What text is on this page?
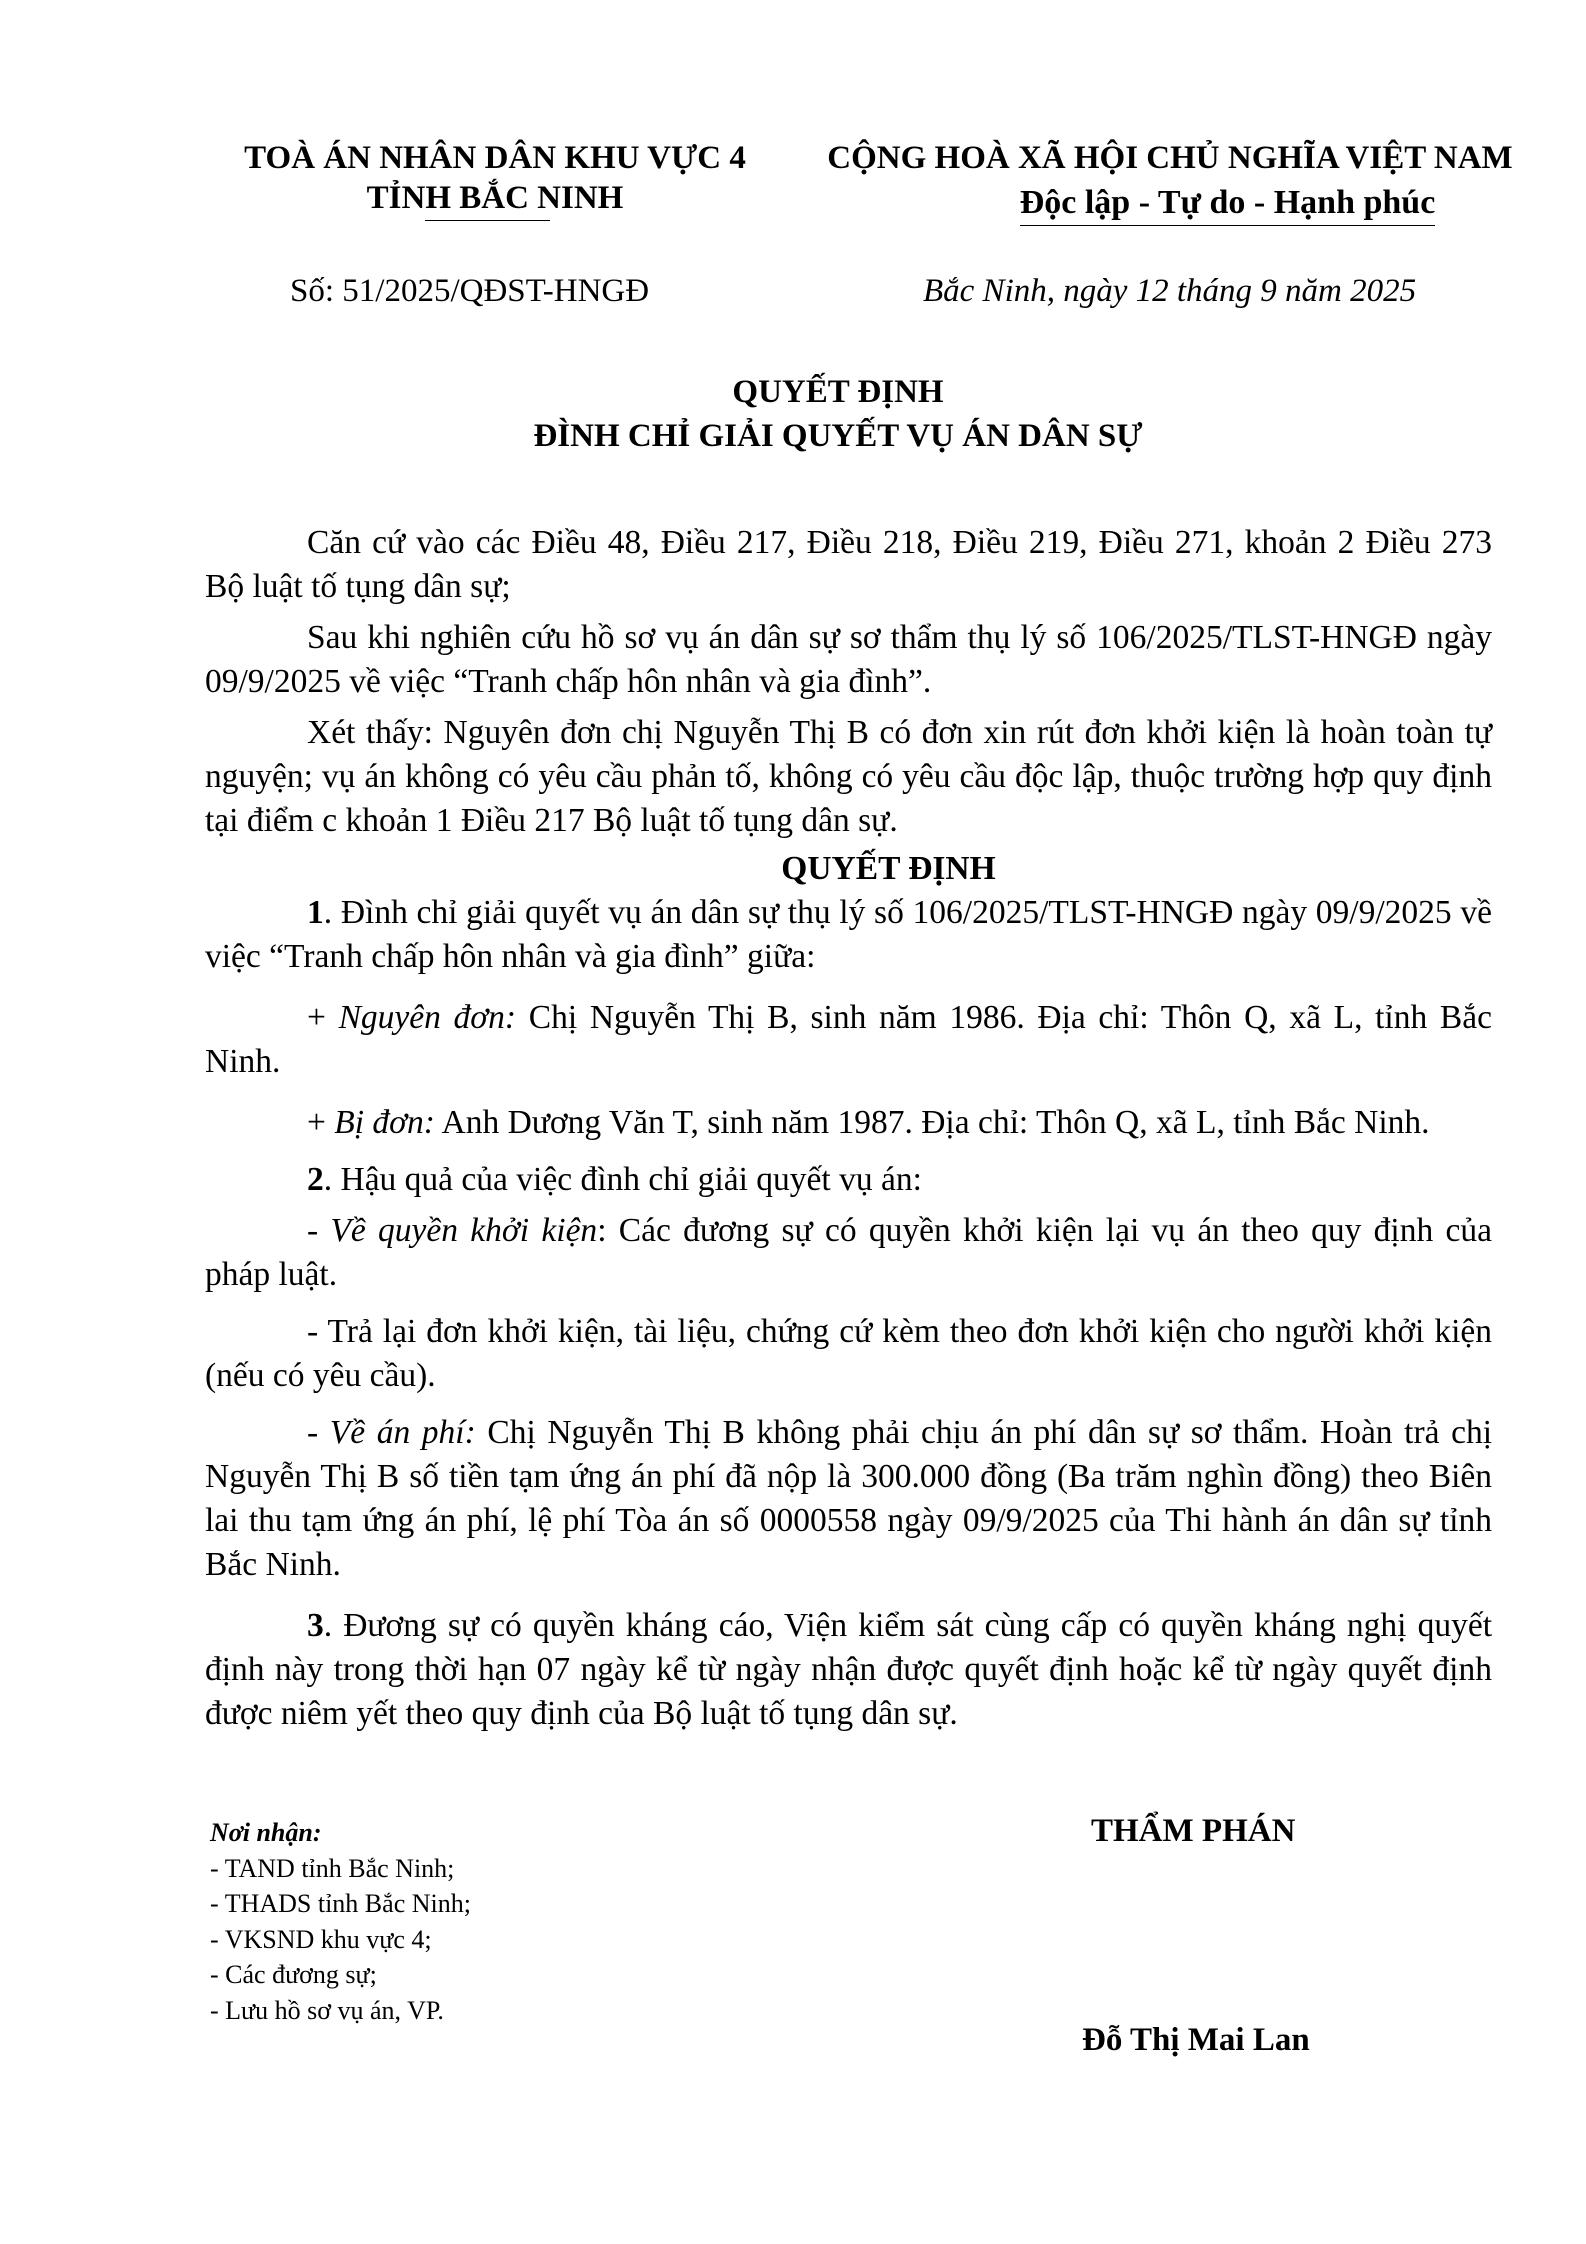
TOÀ ÁN NHÂN DÂN KHU VỰC 4

TỈNH BẮC NINH
CỘNG HOÀ XÃ HỘI CHỦ NGHĨA VIỆT NAM
Độc lập - Tự do - Hạnh phúc
Số: 51/2025/QĐST-HNGĐ	Bắc Ninh, ngày 12 tháng 9 năm 2025
QUYẾT ĐỊNH
ĐÌNH CHỈ GIẢI QUYẾT VỤ ÁN DÂN SỰ

Căn cứ vào các Điều 48, Điều 217, Điều 218, Điều 219, Điều 271, khoản 2 Điều 273 Bộ luật tố tụng dân sự;

Sau khi nghiên cứu hồ sơ vụ án dân sự sơ thẩm thụ lý số 106/2025/TLST-HNGĐ ngày 09/9/2025 về việc “Tranh chấp hôn nhân và gia đình”.

Xét thấy: Nguyên đơn chị Nguyễn Thị B có đơn xin rút đơn khởi kiện là hoàn toàn tự nguyện; vụ án không có yêu cầu phản tố, không có yêu cầu độc lập, thuộc trường hợp quy định tại điểm c khoản 1 Điều 217 Bộ luật tố tụng dân sự.

QUYẾT ĐỊNH

1. Đình chỉ giải quyết vụ án dân sự thụ lý số 106/2025/TLST-HNGĐ ngày 09/9/2025 về việc “Tranh chấp hôn nhân và gia đình” giữa:

+ Nguyên đơn: Chị Nguyễn Thị B, sinh năm 1986. Địa chỉ: Thôn Q, xã L, tỉnh Bắc Ninh.

+ Bị đơn: Anh Dương Văn T, sinh năm 1987. Địa chỉ: Thôn Q, xã L, tỉnh Bắc Ninh.

2. Hậu quả của việc đình chỉ giải quyết vụ án:

- Về quyền khởi kiện: Các đương sự có quyền khởi kiện lại vụ án theo quy định của pháp luật.

- Trả lại đơn khởi kiện, tài liệu, chứng cứ kèm theo đơn khởi kiện cho người khởi kiện (nếu có yêu cầu).

- Về án phí: Chị Nguyễn Thị B không phải chịu án phí dân sự sơ thẩm. Hoàn trả chị Nguyễn Thị B số tiền tạm ứng án phí đã nộp là 300.000 đồng (Ba trăm nghìn đồng) theo Biên lai thu tạm ứng án phí, lệ phí Tòa án số 0000558 ngày 09/9/2025 của Thi hành án dân sự tỉnh Bắc Ninh.

3. Đương sự có quyền kháng cáo, Viện kiểm sát cùng cấp có quyền kháng nghị quyết định này trong thời hạn 07 ngày kể từ ngày nhận được quyết định hoặc kể từ ngày quyết định được niêm yết theo quy định của Bộ luật tố tụng dân sự.

Nơi nhận:
- TAND tỉnh Bắc Ninh;
- THADS tỉnh Bắc Ninh;
- VKSND khu vực 4;
- Các đương sự;
- Lưu hồ sơ vụ án, VP.
THẨM PHÁN
Đỗ Thị Mai Lan
